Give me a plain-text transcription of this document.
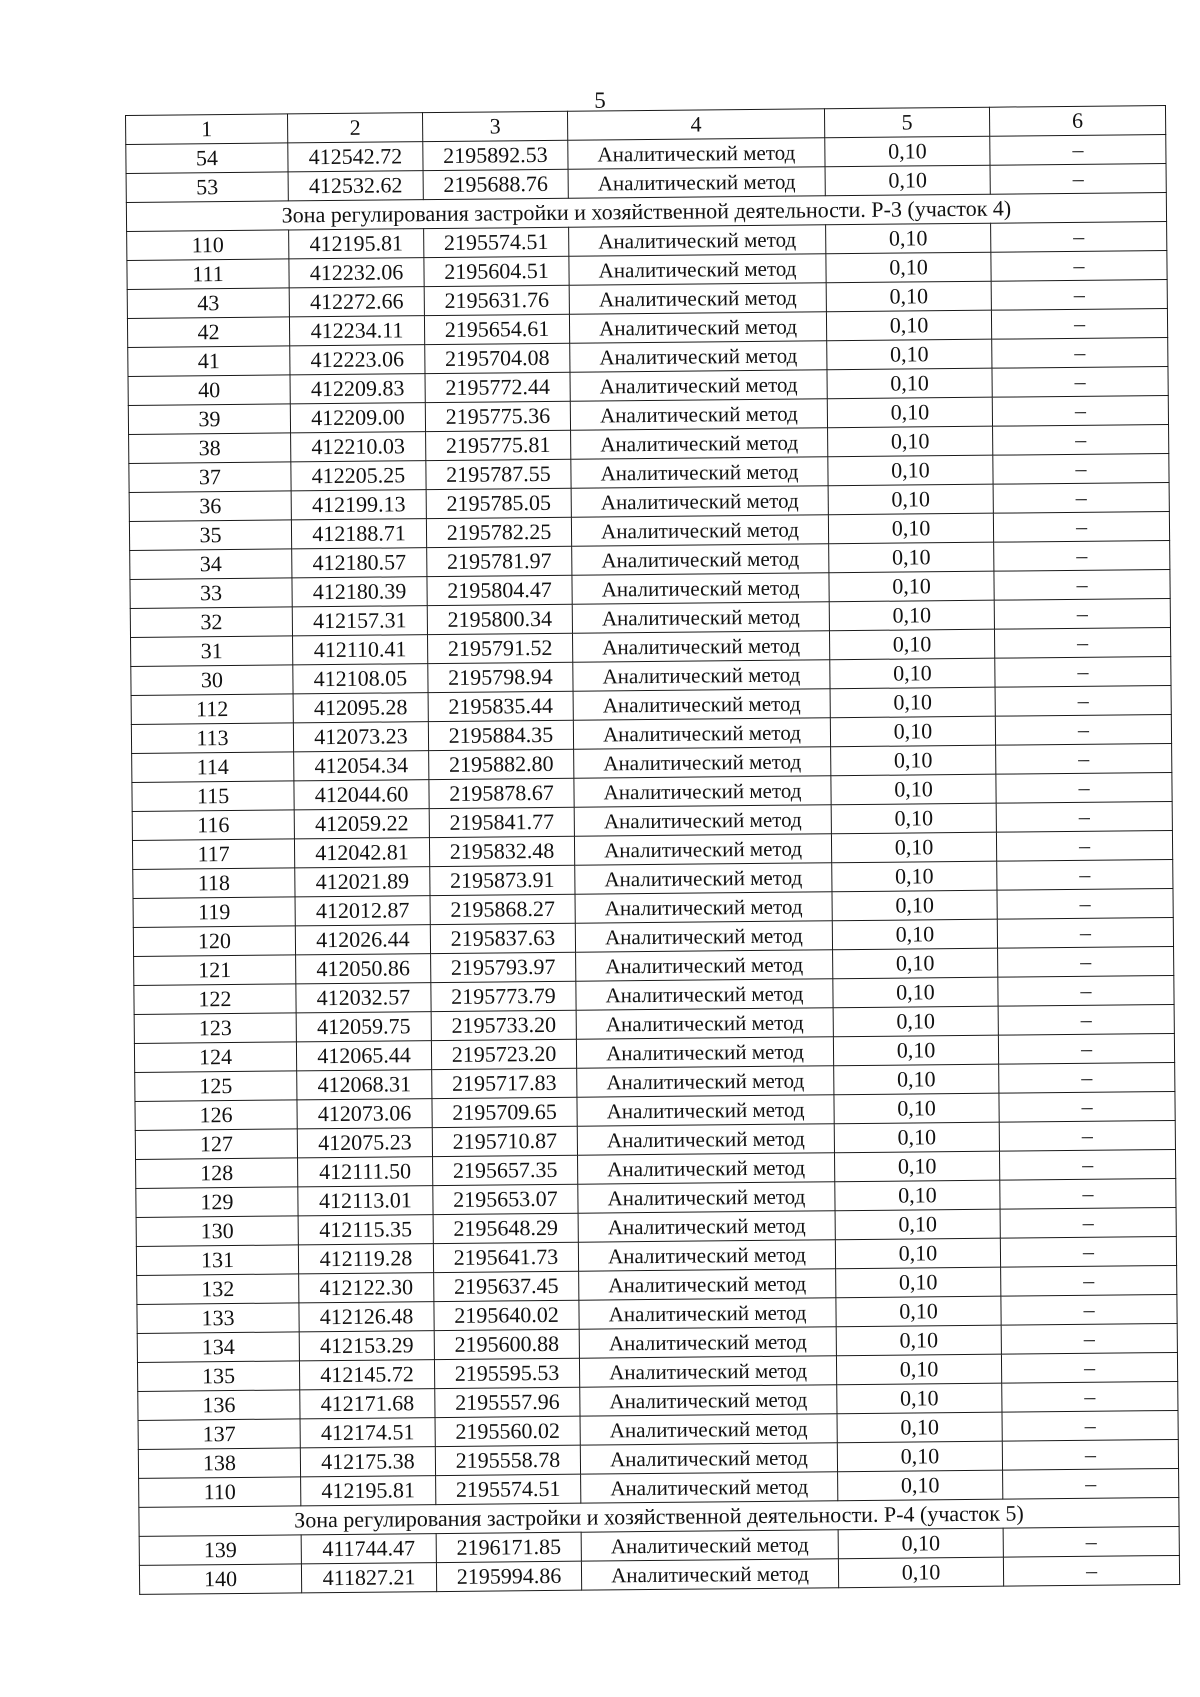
5
1	2	3	4	5	6
54	412542.72	2195892.53	Аналитический метод	0,10	–
53	412532.62	2195688.76	Аналитический метод	0,10	–
Зона регулирования застройки и хозяйственной деятельности. Р-3 (участок 4)					
110	412195.81	2195574.51	Аналитический метод	0,10	–
111	412232.06	2195604.51	Аналитический метод	0,10	–
43	412272.66	2195631.76	Аналитический метод	0,10	–
42	412234.11	2195654.61	Аналитический метод	0,10	–
41	412223.06	2195704.08	Аналитический метод	0,10	–
40	412209.83	2195772.44	Аналитический метод	0,10	–
39	412209.00	2195775.36	Аналитический метод	0,10	–
38	412210.03	2195775.81	Аналитический метод	0,10	–
37	412205.25	2195787.55	Аналитический метод	0,10	–
36	412199.13	2195785.05	Аналитический метод	0,10	–
35	412188.71	2195782.25	Аналитический метод	0,10	–
34	412180.57	2195781.97	Аналитический метод	0,10	–
33	412180.39	2195804.47	Аналитический метод	0,10	–
32	412157.31	2195800.34	Аналитический метод	0,10	–
31	412110.41	2195791.52	Аналитический метод	0,10	–
30	412108.05	2195798.94	Аналитический метод	0,10	–
112	412095.28	2195835.44	Аналитический метод	0,10	–
113	412073.23	2195884.35	Аналитический метод	0,10	–
114	412054.34	2195882.80	Аналитический метод	0,10	–
115	412044.60	2195878.67	Аналитический метод	0,10	–
116	412059.22	2195841.77	Аналитический метод	0,10	–
117	412042.81	2195832.48	Аналитический метод	0,10	–
118	412021.89	2195873.91	Аналитический метод	0,10	–
119	412012.87	2195868.27	Аналитический метод	0,10	–
120	412026.44	2195837.63	Аналитический метод	0,10	–
121	412050.86	2195793.97	Аналитический метод	0,10	–
122	412032.57	2195773.79	Аналитический метод	0,10	–
123	412059.75	2195733.20	Аналитический метод	0,10	–
124	412065.44	2195723.20	Аналитический метод	0,10	–
125	412068.31	2195717.83	Аналитический метод	0,10	–
126	412073.06	2195709.65	Аналитический метод	0,10	–
127	412075.23	2195710.87	Аналитический метод	0,10	–
128	412111.50	2195657.35	Аналитический метод	0,10	–
129	412113.01	2195653.07	Аналитический метод	0,10	–
130	412115.35	2195648.29	Аналитический метод	0,10	–
131	412119.28	2195641.73	Аналитический метод	0,10	–
132	412122.30	2195637.45	Аналитический метод	0,10	–
133	412126.48	2195640.02	Аналитический метод	0,10	–
134	412153.29	2195600.88	Аналитический метод	0,10	–
135	412145.72	2195595.53	Аналитический метод	0,10	–
136	412171.68	2195557.96	Аналитический метод	0,10	–
137	412174.51	2195560.02	Аналитический метод	0,10	–
138	412175.38	2195558.78	Аналитический метод	0,10	–
110	412195.81	2195574.51	Аналитический метод	0,10	–
Зона регулирования застройки и хозяйственной деятельности. Р-4 (участок 5)					
139	411744.47	2196171.85	Аналитический метод	0,10	–
140	411827.21	2195994.86	Аналитический метод	0,10	–
